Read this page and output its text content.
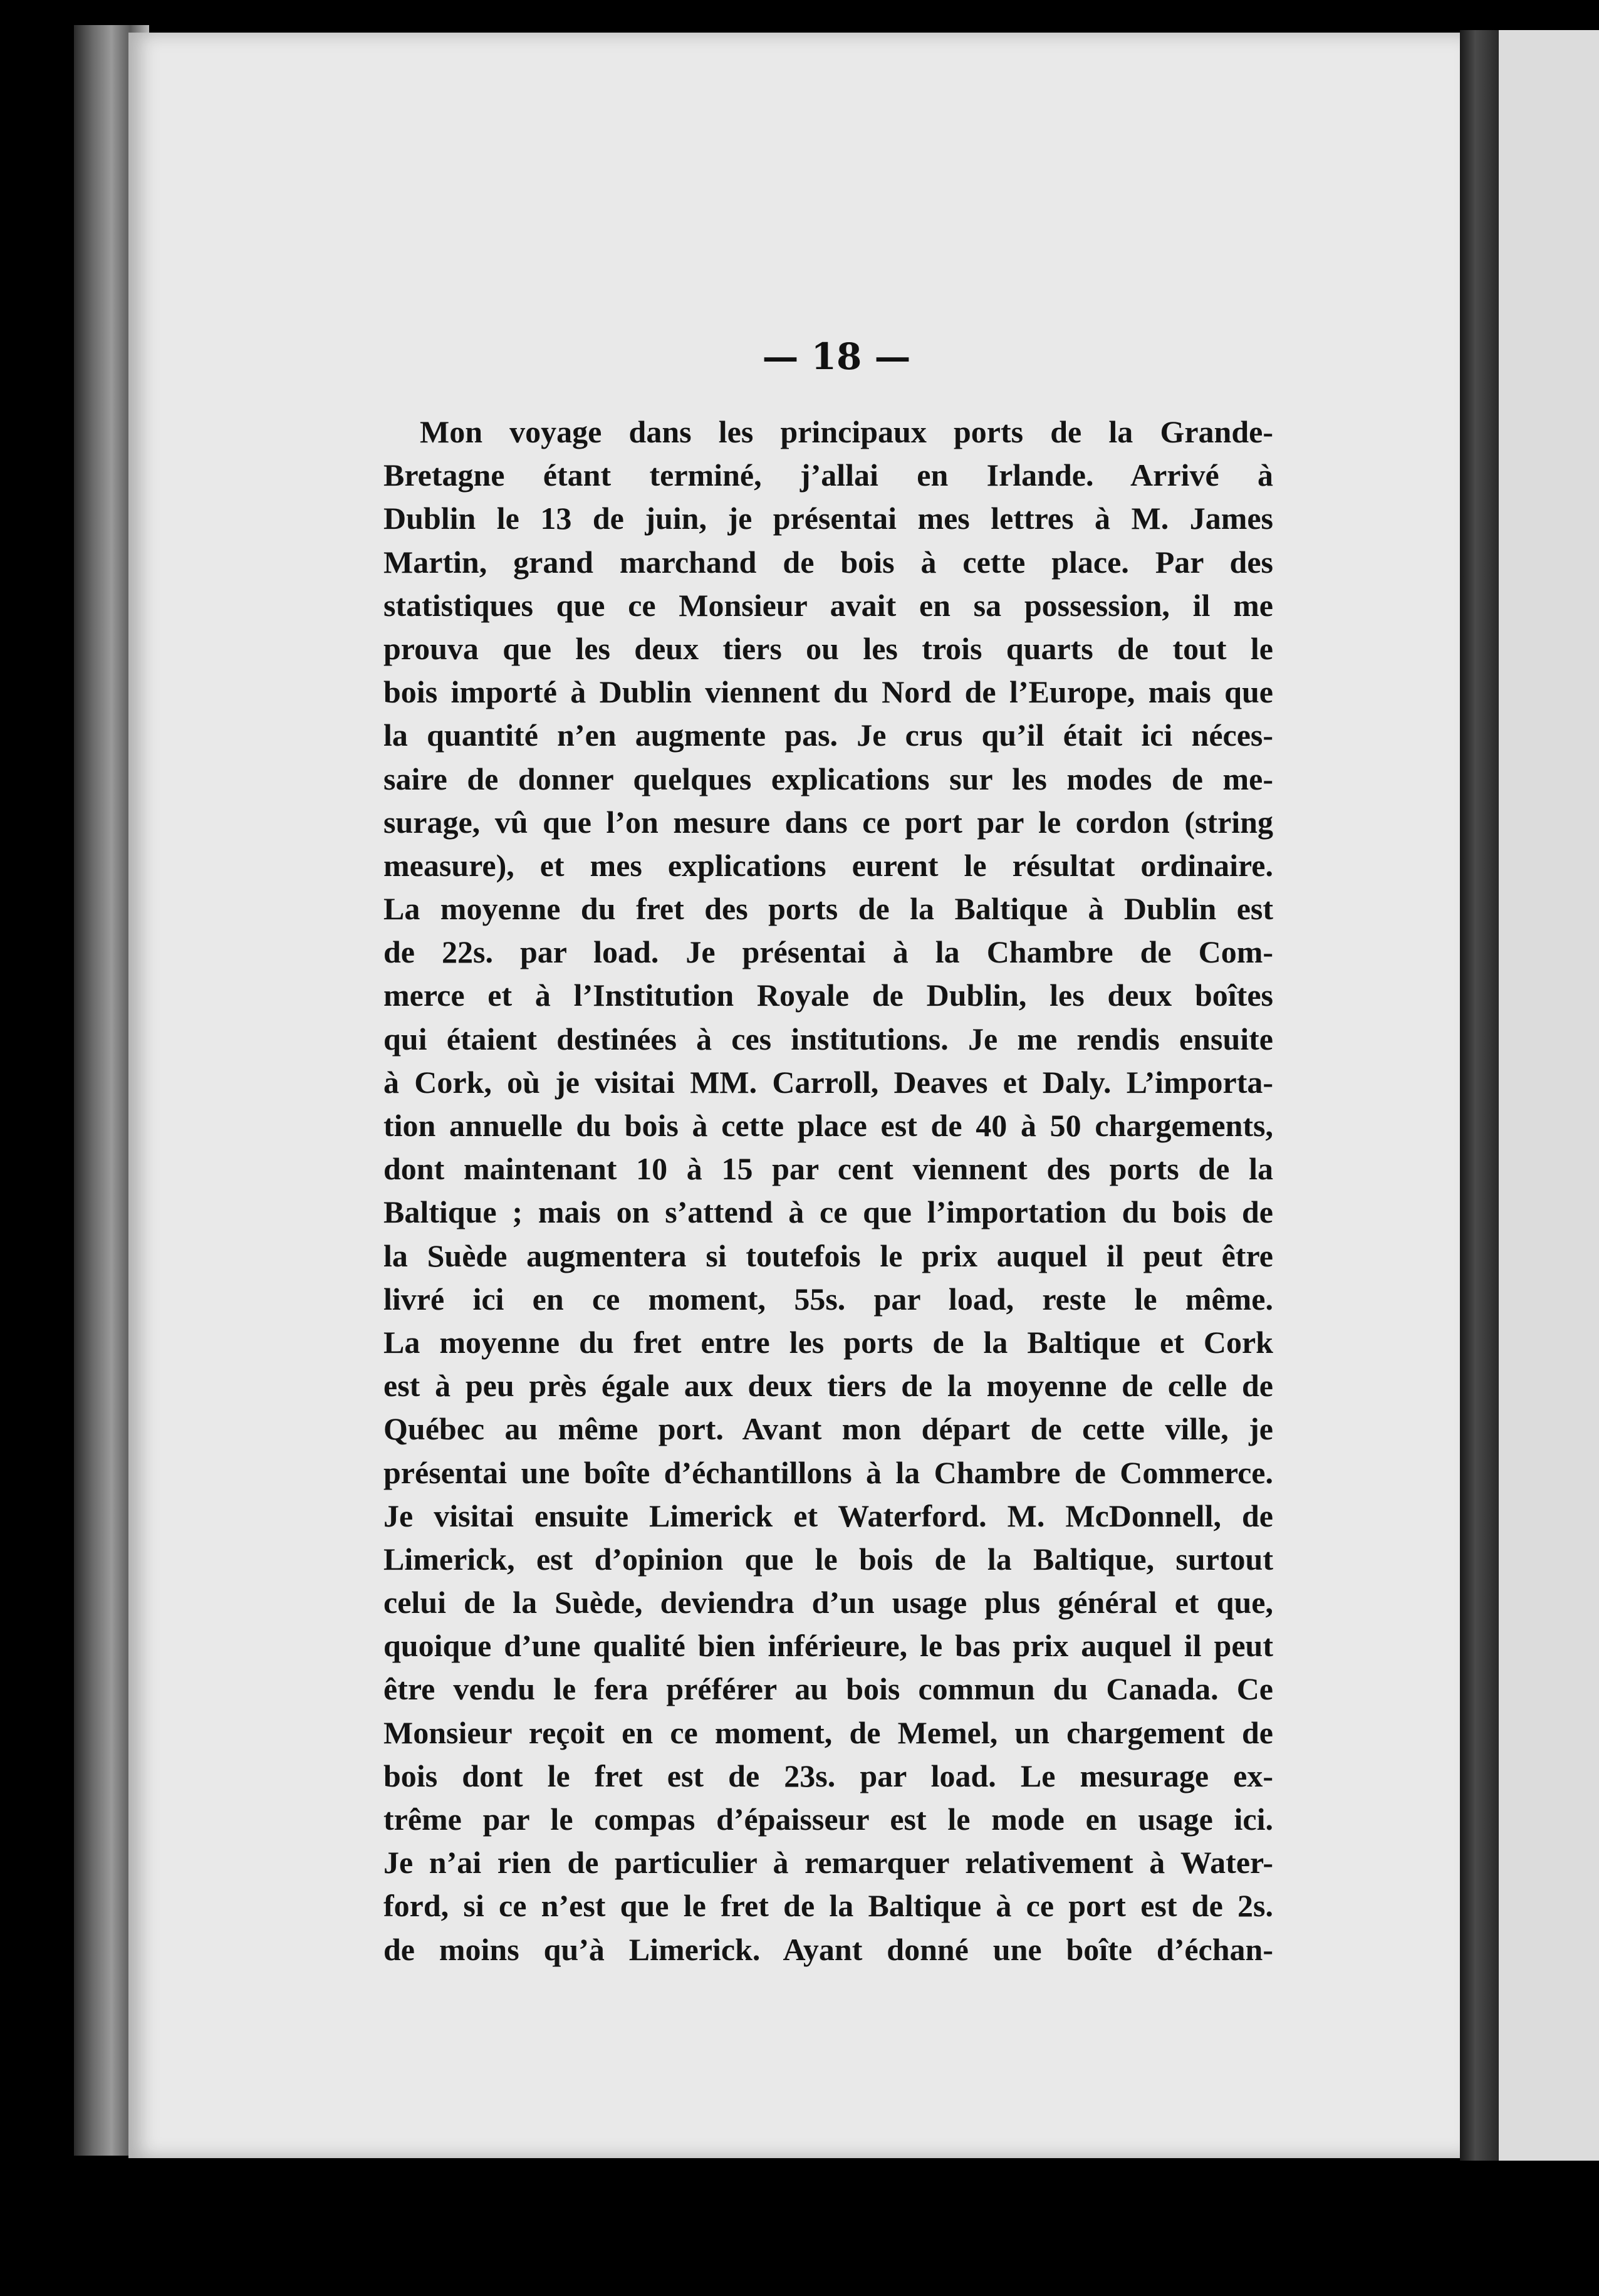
— 18 —
Mon voyage dans les principaux ports de la Grande-
Bretagne étant terminé, j’allai en Irlande. Arrivé à
Dublin le 13 de juin, je présentai mes lettres à M. James
Martin, grand marchand de bois à cette place. Par des
statistiques que ce Monsieur avait en sa possession, il me
prouva que les deux tiers ou les trois quarts de tout le
bois importé à Dublin viennent du Nord de l’Europe, mais que
la quantité n’en augmente pas. Je crus qu’il était ici néces-
saire de donner quelques explications sur les modes de me-
surage, vû que l’on mesure dans ce port par le cordon (string
measure), et mes explications eurent le résultat ordinaire.
La moyenne du fret des ports de la Baltique à Dublin est
de 22s. par load. Je présentai à la Chambre de Com-
merce et à l’Institution Royale de Dublin, les deux boîtes
qui étaient destinées à ces institutions. Je me rendis ensuite
à Cork, où je visitai MM. Carroll, Deaves et Daly. L’importa-
tion annuelle du bois à cette place est de 40 à 50 chargements,
dont maintenant 10 à 15 par cent viennent des ports de la
Baltique ; mais on s’attend à ce que l’importation du bois de
la Suède augmentera si toutefois le prix auquel il peut être
livré ici en ce moment, 55s. par load, reste le même.
La moyenne du fret entre les ports de la Baltique et Cork
est à peu près égale aux deux tiers de la moyenne de celle de
Québec au même port. Avant mon départ de cette ville, je
présentai une boîte d’échantillons à la Chambre de Commerce.
Je visitai ensuite Limerick et Waterford. M. McDonnell, de
Limerick, est d’opinion que le bois de la Baltique, surtout
celui de la Suède, deviendra d’un usage plus général et que,
quoique d’une qualité bien inférieure, le bas prix auquel il peut
être vendu le fera préférer au bois commun du Canada. Ce
Monsieur reçoit en ce moment, de Memel, un chargement de
bois dont le fret est de 23s. par load. Le mesurage ex-
trême par le compas d’épaisseur est le mode en usage ici.
Je n’ai rien de particulier à remarquer relativement à Water-
ford, si ce n’est que le fret de la Baltique à ce port est de 2s.
de moins qu’à Limerick. Ayant donné une boîte d’échan-
